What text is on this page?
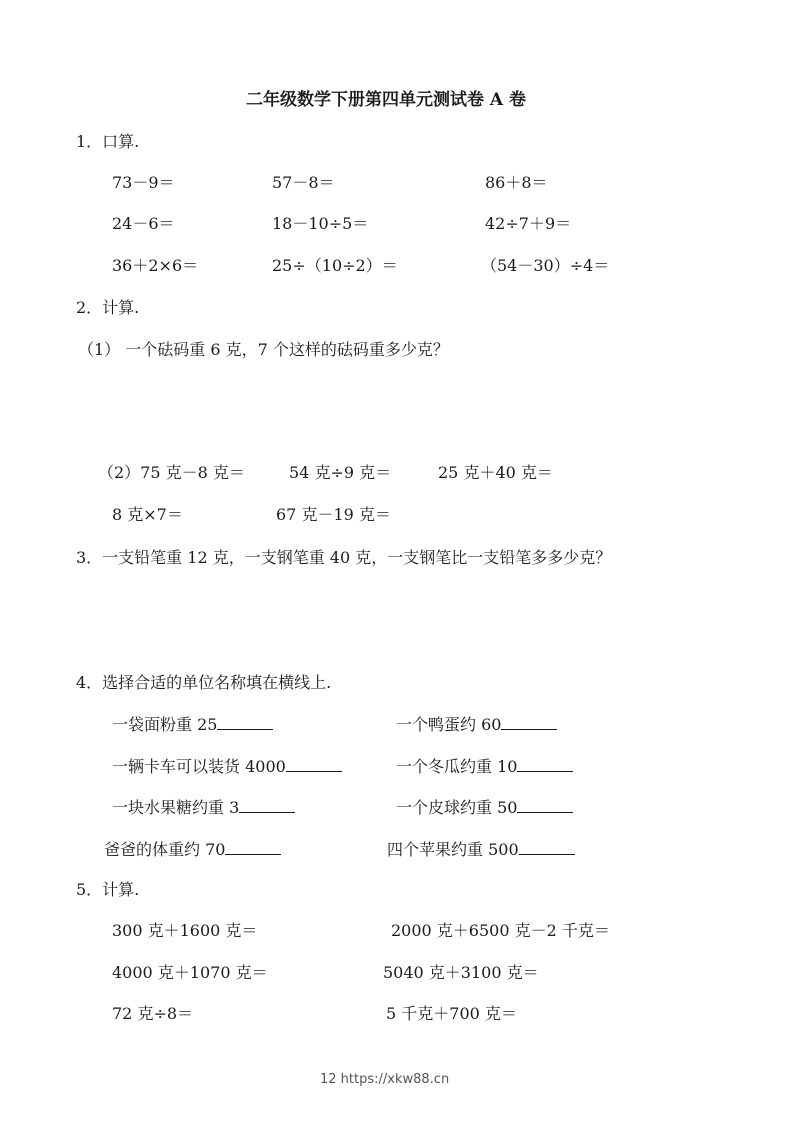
二年级数学下册第四单元测试卷 A 卷
1．口算.
73－9＝	57－8＝	86＋8＝
24－6＝	18－10÷5＝	42÷7＋9＝
36＋2×6＝	25÷（10÷2）＝	（54－30）÷4＝
2．计算.
（1） 一个砝码重 6 克，7 个这样的砝码重多少克？
（2）75 克－8 克＝	54 克÷9 克＝	25 克＋40 克＝
8 克×7＝	67 克－19 克＝
3．一支铅笔重 12 克，一支钢笔重 40 克，一支钢笔比一支铅笔多多少克？
4．选择合适的单位名称填在横线上.
一袋面粉重 25	一个鸭蛋约 60
一辆卡车可以装货 4000	一个冬瓜约重 10
一块水果糖约重 3	一个皮球约重 50
爸爸的体重约 70	四个苹果约重 500
5．计算.
300 克＋1600 克＝	2000 克＋6500 克－2 千克＝
4000 克＋1070 克＝	5040 克＋3100 克＝
72 克÷8＝	5 千克＋700 克＝
12 https://xkw88.cn
